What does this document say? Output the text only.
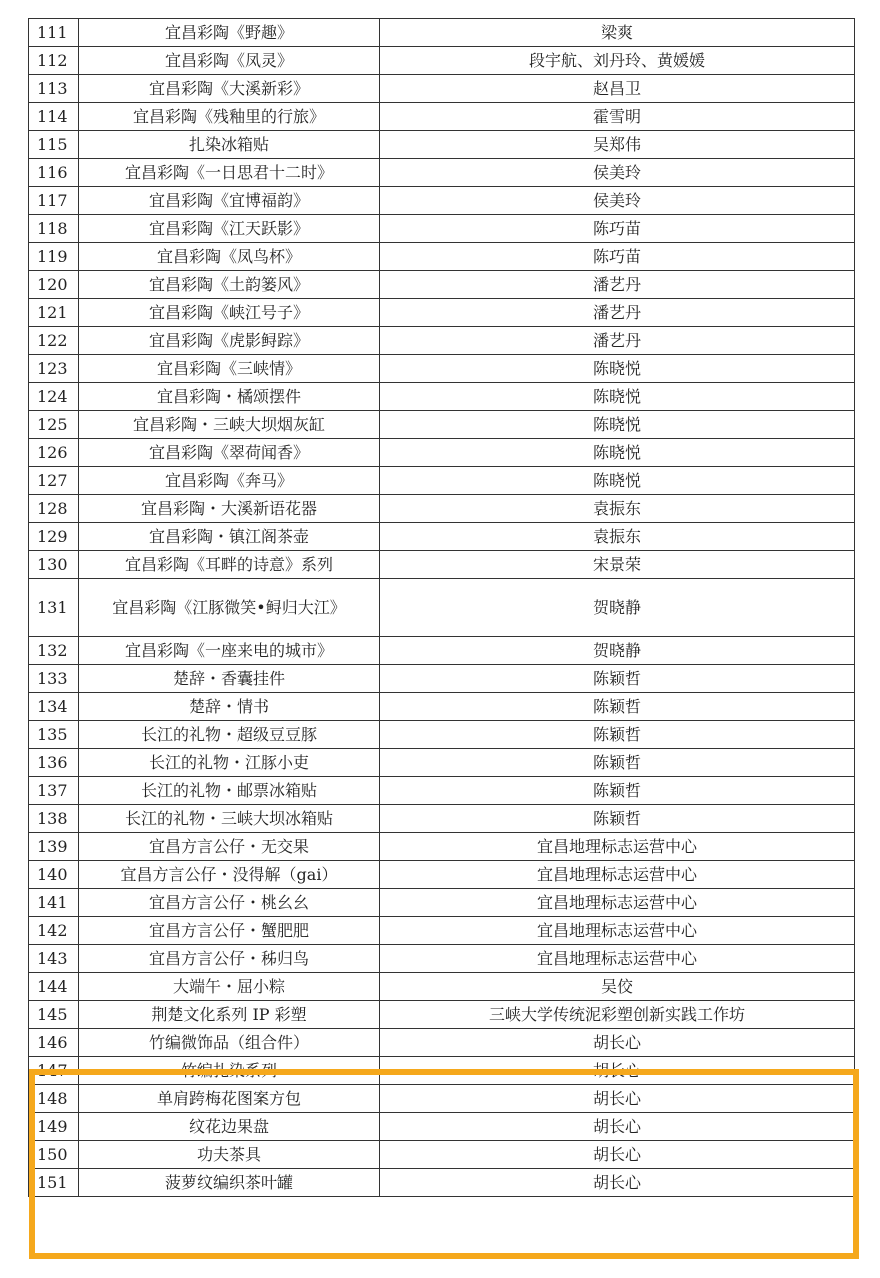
111	宜昌彩陶《野趣》	梁爽
112	宜昌彩陶《凤灵》	段宇航、刘丹玲、黄媛媛
113	宜昌彩陶《大溪新彩》	赵昌卫
114	宜昌彩陶《残釉里的行旅》	霍雪明
115	扎染冰箱贴	吴郑伟
116	宜昌彩陶《一日思君十二时》	侯美玲
117	宜昌彩陶《宜博福韵》	侯美玲
118	宜昌彩陶《江天跃影》	陈巧苗
119	宜昌彩陶《凤鸟杯》	陈巧苗
120	宜昌彩陶《土韵篓风》	潘艺丹
121	宜昌彩陶《峡江号子》	潘艺丹
122	宜昌彩陶《虎影鲟踪》	潘艺丹
123	宜昌彩陶《三峡情》	陈晓悦
124	宜昌彩陶・橘颂摆件	陈晓悦
125	宜昌彩陶・三峡大坝烟灰缸	陈晓悦
126	宜昌彩陶《翠荷闻香》	陈晓悦
127	宜昌彩陶《奔马》	陈晓悦
128	宜昌彩陶・大溪新语花器	袁振东
129	宜昌彩陶・镇江阁茶壶	袁振东
130	宜昌彩陶《耳畔的诗意》系列	宋景荣
131	宜昌彩陶《江豚微笑•鲟归大江》	贺晓静
132	宜昌彩陶《一座来电的城市》	贺晓静
133	楚辞・香囊挂件	陈颖哲
134	楚辞・情书	陈颖哲
135	长江的礼物・超级豆豆豚	陈颖哲
136	长江的礼物・江豚小吏	陈颖哲
137	长江的礼物・邮票冰箱贴	陈颖哲
138	长江的礼物・三峡大坝冰箱贴	陈颖哲
139	宜昌方言公仔・无交果	宜昌地理标志运营中心
140	宜昌方言公仔・没得解（gai）	宜昌地理标志运营中心
141	宜昌方言公仔・桃幺幺	宜昌地理标志运营中心
142	宜昌方言公仔・蟹肥肥	宜昌地理标志运营中心
143	宜昌方言公仔・秭归鸟	宜昌地理标志运营中心
144	大端午・屈小粽	吴佼
145	荆楚文化系列 IP 彩塑	三峡大学传统泥彩塑创新实践工作坊
146	竹编微饰品（组合件）	胡长心
147	竹编扎染系列	胡长心
148	单肩跨梅花图案方包	胡长心
149	纹花边果盘	胡长心
150	功夫茶具	胡长心
151	菠萝纹编织茶叶罐	胡长心
